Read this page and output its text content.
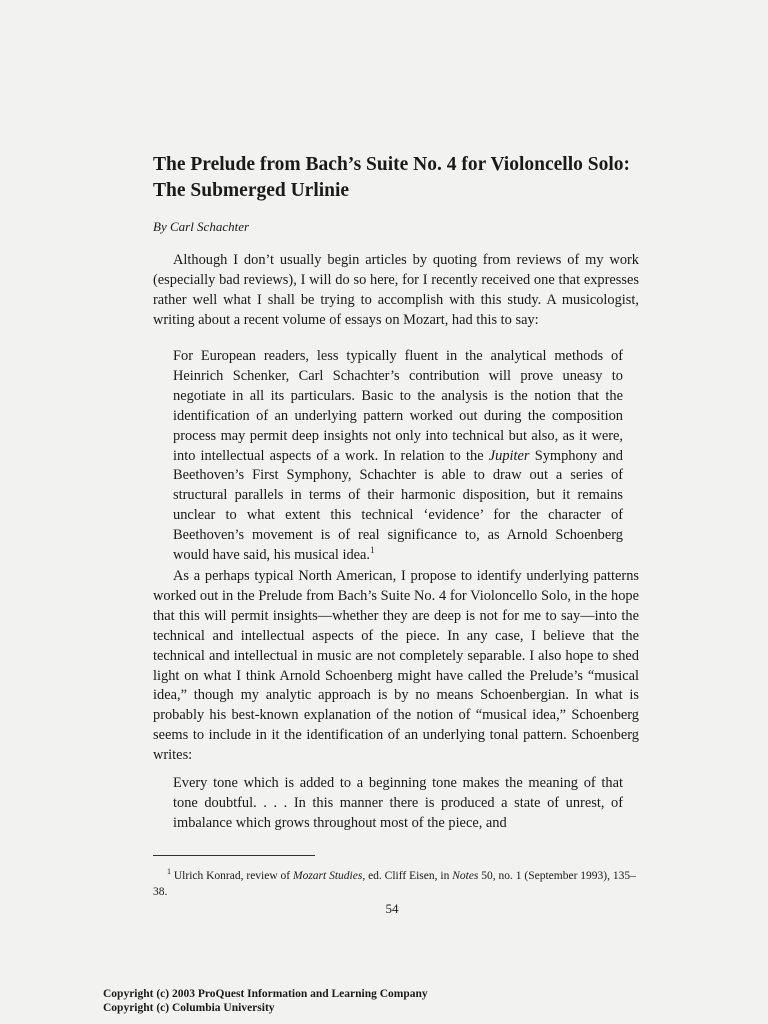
The Prelude from Bach’s Suite No. 4 for Violoncello Solo: The Submerged Urlinie

By Carl Schachter

Although I don’t usually begin articles by quoting from reviews of my work (especially bad reviews), I will do so here, for I recently received one that expresses rather well what I shall be trying to accomplish with this study. A musicologist, writing about a recent volume of essays on Mozart, had this to say:

For European readers, less typically fluent in the analytical methods of Heinrich Schenker, Carl Schachter’s contribution will prove uneasy to negotiate in all its particulars. Basic to the analysis is the notion that the identification of an underlying pattern worked out during the composition process may permit deep insights not only into technical but also, as it were, into intellectual aspects of a work. In relation to the Jupiter Symphony and Beethoven’s First Symphony, Schachter is able to draw out a series of structural parallels in terms of their harmonic disposition, but it remains unclear to what extent this technical ‘evidence’ for the character of Beethoven’s movement is of real significance to, as Arnold Schoenberg would have said, his musical idea.$^1$

As a perhaps typical North American, I propose to identify underlying patterns worked out in the Prelude from Bach’s Suite No. 4 for Violoncello Solo, in the hope that this will permit insights—whether they are deep is not for me to say—into the technical and intellectual aspects of the piece. In any case, I believe that the technical and intellectual in music are not completely separable. I also hope to shed light on what I think Arnold Schoenberg might have called the Prelude’s “musical idea,” though my analytic approach is by no means Schoenbergian. In what is probably his best-known explanation of the notion of “musical idea,” Schoenberg seems to include in it the identification of an underlying tonal pattern. Schoenberg writes:

Every tone which is added to a beginning tone makes the meaning of that tone doubtful. . . . In this manner there is produced a state of unrest, of imbalance which grows throughout most of the piece, and

$^1$ Ulrich Konrad, review of Mozart Studies, ed. Cliff Eisen, in Notes 50, no. 1 (September 1993), 135–38.

54

Copyright (c) 2003 ProQuest Information and Learning Company
Copyright (c) Columbia University
